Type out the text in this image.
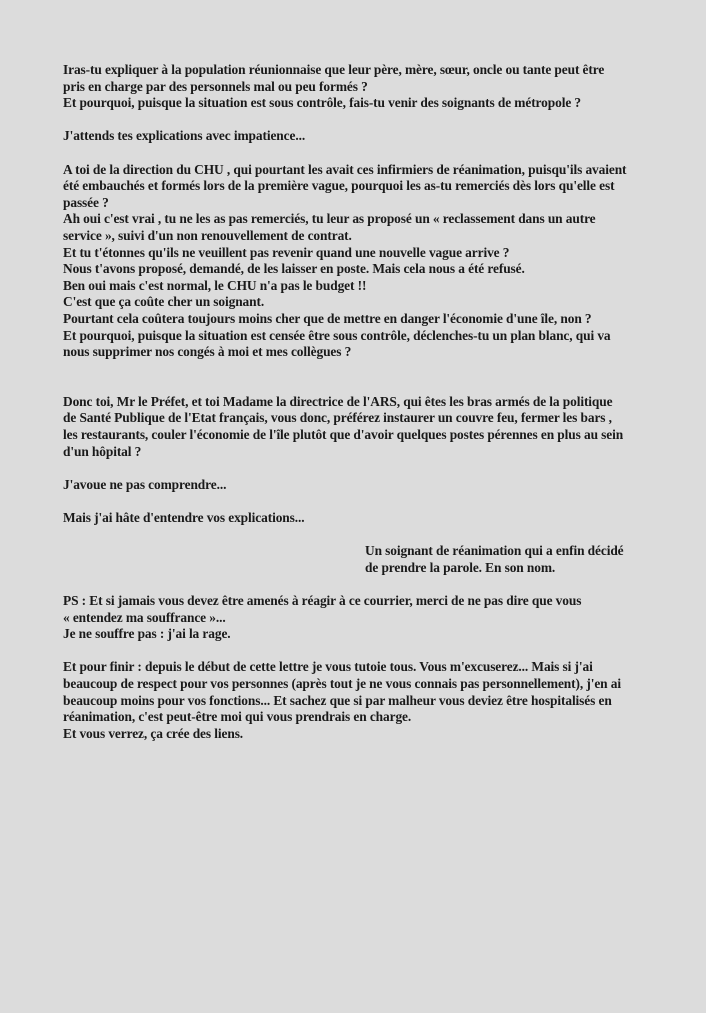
Iras-tu expliquer à la population réunionnaise que leur père, mère, sœur, oncle ou tante peut être
pris en charge par des personnels mal ou peu formés ?
Et pourquoi, puisque la situation est sous contrôle, fais-tu venir des soignants de métropole ?
J'attends tes explications avec impatience...
A toi de la direction du CHU , qui pourtant les avait ces infirmiers de réanimation, puisqu'ils avaient
été embauchés et formés lors de la première vague, pourquoi les as-tu remerciés dès lors qu'elle est
passée ?
Ah oui c'est vrai , tu ne les as pas remerciés, tu leur as proposé un « reclassement dans un autre
service », suivi d'un non renouvellement de contrat.
Et tu t'étonnes qu'ils ne veuillent pas revenir quand une nouvelle vague arrive ?
Nous t'avons proposé, demandé, de les laisser en poste. Mais cela nous a été refusé.
Ben oui mais c'est normal, le CHU n'a pas le budget !!
C'est que ça coûte cher un soignant.
Pourtant cela coûtera toujours moins cher que de mettre en danger l'économie d'une île, non ?
Et pourquoi, puisque la situation est censée être sous contrôle, déclenches-tu un plan blanc, qui va
nous supprimer nos congés à moi et mes collègues ?
Donc toi, Mr le Préfet, et toi Madame la directrice de l'ARS, qui êtes les bras armés de la politique
de Santé Publique de l'Etat français, vous donc, préférez instaurer un couvre feu, fermer les bars ,
les restaurants, couler l'économie de l'île plutôt que d'avoir quelques postes pérennes en plus au sein
d'un hôpital ?
J'avoue ne pas comprendre...
Mais j'ai hâte d'entendre vos explications...
Un soignant de réanimation qui a enfin décidé
de prendre la parole. En son nom.
PS : Et si jamais vous devez être amenés à réagir à ce courrier, merci de ne pas dire que vous
« entendez ma souffrance »...
Je ne souffre pas : j'ai la rage.
Et pour finir : depuis le début de cette lettre je vous tutoie tous. Vous m'excuserez... Mais si j'ai
beaucoup de respect pour vos personnes (après tout je ne vous connais pas personnellement), j'en ai
beaucoup moins pour vos fonctions... Et sachez que si par malheur vous deviez être hospitalisés en
réanimation, c'est peut-être moi qui vous prendrais en charge.
Et vous verrez, ça crée des liens.
